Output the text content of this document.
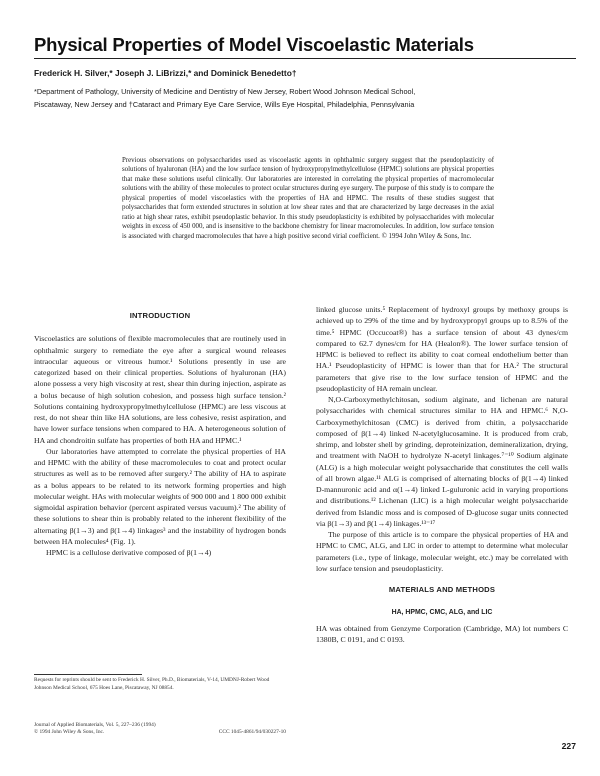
Physical Properties of Model Viscoelastic Materials
Frederick H. Silver,* Joseph J. LiBrizzi,* and Dominick Benedetto†
*Department of Pathology, University of Medicine and Dentistry of New Jersey, Robert Wood Johnson Medical School,
Piscataway, New Jersey and †Cataract and Primary Eye Care Service, Wills Eye Hospital, Philadelphia, Pennsylvania
Previous observations on polysaccharides used as viscoelastic agents in ophthalmic surgery suggest that the pseudoplasticity of solutions of hyaluronan (HA) and the low surface tension of hydroxypropylmethylcellulose (HPMC) solutions are physical properties that make these solutions useful clinically. Our laboratories are interested in correlating the physical properties of macromolecular solutions with the ability of these molecules to protect ocular structures during eye surgery. The purpose of this study is to compare the physical properties of model viscoelastics with the properties of HA and HPMC. The results of these studies suggest that polysaccharides that form extended structures in solution at low shear rates and that are characterized by large decreases in the axial ratio at high shear rates, exhibit pseudoplastic behavior. In this study pseudoplasticity is exhibited by polysaccharides with molecular weights in excess of 450 000, and is insensitive to the backbone chemistry for linear macromolecules. In addition, low surface tension is associated with charged macromolecules that have a high positive second virial coefficient. © 1994 John Wiley & Sons, Inc.
INTRODUCTION

Viscoelastics are solutions of flexible macromolecules that are routinely used in ophthalmic surgery to remediate the eye after a surgical wound releases intraocular aqueous or vitreous humor.¹ Solutions presently in use are categorized based on their clinical properties. Solutions of hyaluronan (HA) alone possess a very high viscosity at rest, shear thin during injection, aspirate as a bolus because of high solution cohesion, and possess high surface tension.² Solutions containing hydroxypropylmethylcellulose (HPMC) are less viscous at rest, do not shear thin like HA solutions, are less cohesive, resist aspiration, and have lower surface tensions when compared to HA. A heterogeneous solution of HA and chondroitin sulfate has properties of both HA and HPMC.¹

Our laboratories have attempted to correlate the physical properties of HA and HPMC with the ability of these macromolecules to coat and protect ocular structures as well as to be removed after surgery.² The ability of HA to aspirate as a bolus appears to be related to its network forming properties and high molecular weight. HAs with molecular weights of 900 000 and 1 800 000 exhibit sigmoidal aspiration behavior (percent aspirated versus vacuum).² The ability of these solutions to shear thin is probably related to the inherent flexibility of the alternating β(1→3) and β(1→4) linkages³ and the instability of hydrogen bonds between HA molecules⁴ (Fig. 1).

HPMC is a cellulose derivative composed of β(1→4)

Requests for reprints should be sent to Frederick H. Silver, Ph.D., Biomaterials, V-14, UMDNJ-Robert Wood Johnson Medical School, 675 Hoes Lane, Piscataway, NJ 08854.
Journal of Applied Biomaterials, Vol. 5, 227–236 (1994)
© 1994 John Wiley & Sons, Inc.	CCC 1045-4861/94/030227-10

linked glucose units.⁵ Replacement of hydroxyl groups by methoxy groups is achieved up to 29% of the time and by hydroxypropyl groups up to 8.5% of the time.⁵ HPMC (Occucoat®) has a surface tension of about 43 dynes/cm compared to 62.7 dynes/cm for HA (Healon®). The lower surface tension of HPMC is believed to reflect its ability to coat corneal endothelium better than HA.¹ Pseudoplasticity of HPMC is lower than that for HA.² The structural parameters that give rise to the low surface tension of HPMC and the pseudoplasticity of HA remain unclear.

N,O-Carboxymethylchitosan, sodium alginate, and lichenan are natural polysaccharides with chemical structures similar to HA and HPMC.⁶ N,O-Carboxymethylchitosan (CMC) is derived from chitin, a polysaccharide composed of β(1→4) linked N-acetylglucosamine. It is produced from crab, shrimp, and lobster shell by grinding, deproteinization, demineralization, drying, and treatment with NaOH to hydrolyze N-acetyl linkages.⁷⁻¹⁰ Sodium alginate (ALG) is a high molecular weight polysaccharide that constitutes the cell walls of all brown algae.¹¹ ALG is comprised of alternating blocks of β(1→4) linked D-mannuronic acid and α(1→4) linked L-guluronic acid in varying proportions and distributions.¹² Lichenan (LIC) is a high molecular weight polysaccharide derived from Islandic moss and is composed of D-glucose sugar units connected via β(1→3) and β(1→4) linkages.¹³⁻¹⁷

The purpose of this article is to compare the physical properties of HA and HPMC to CMC, ALG, and LIC in order to attempt to determine what molecular parameters (i.e., type of linkage, molecular weight, etc.) may be correlated with low surface tension and pseudoplasticity.

MATERIALS AND METHODS
HA, HPMC, CMC, ALG, and LIC

HA was obtained from Genzyme Corporation (Cambridge, MA) lot numbers C 1380B, C 0191, and C 0193.

227
